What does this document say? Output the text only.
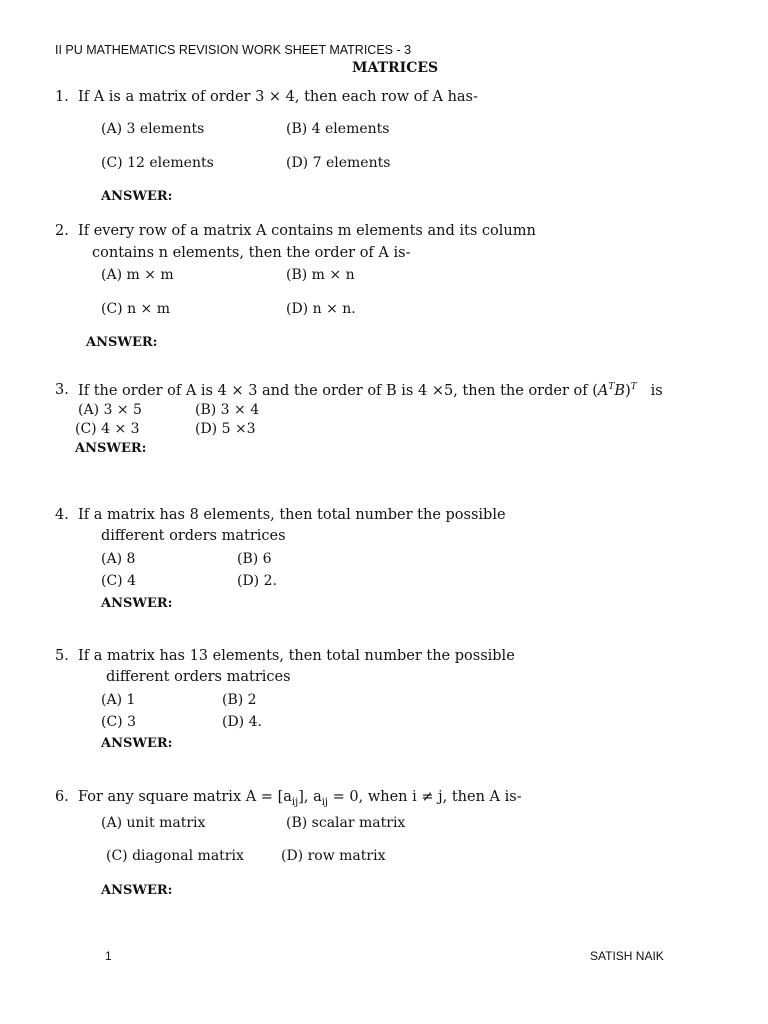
II PU MATHEMATICS REVISION WORK SHEET MATRICES - 3
MATRICES
1. If A is a matrix of order 3 × 4, then each row of A has-
(A) 3 elements	(B) 4 elements
(C) 12 elements	(D) 7 elements
ANSWER:
2. If every row of a matrix A contains m elements and its column
contains n elements, then the order of A is-
(A) m × m	(B) m × n
(C) n × m	(D) n × n.
ANSWER:
3. If the order of A is 4 × 3 and the order of B is 4 ×5, then the order of $(A^TB)^T$ is
(A) 3 × 5	(B) 3 × 4
(C) 4 × 3	(D) 5 ×3
ANSWER:
4. If a matrix has 8 elements, then total number the possible
different orders matrices
(A) 8	(B) 6
(C) 4	(D) 2.
ANSWER:
5. If a matrix has 13 elements, then total number the possible
different orders matrices
(A) 1	(B) 2
(C) 3	(D) 4.
ANSWER:
6. For any square matrix $A = [a_{ij}]$, $a_{ij} = 0$, when i ≠ j, then A is-
(A) unit matrix	(B) scalar matrix
(C) diagonal matrix	(D) row matrix
ANSWER:
1	SATISH NAIK
